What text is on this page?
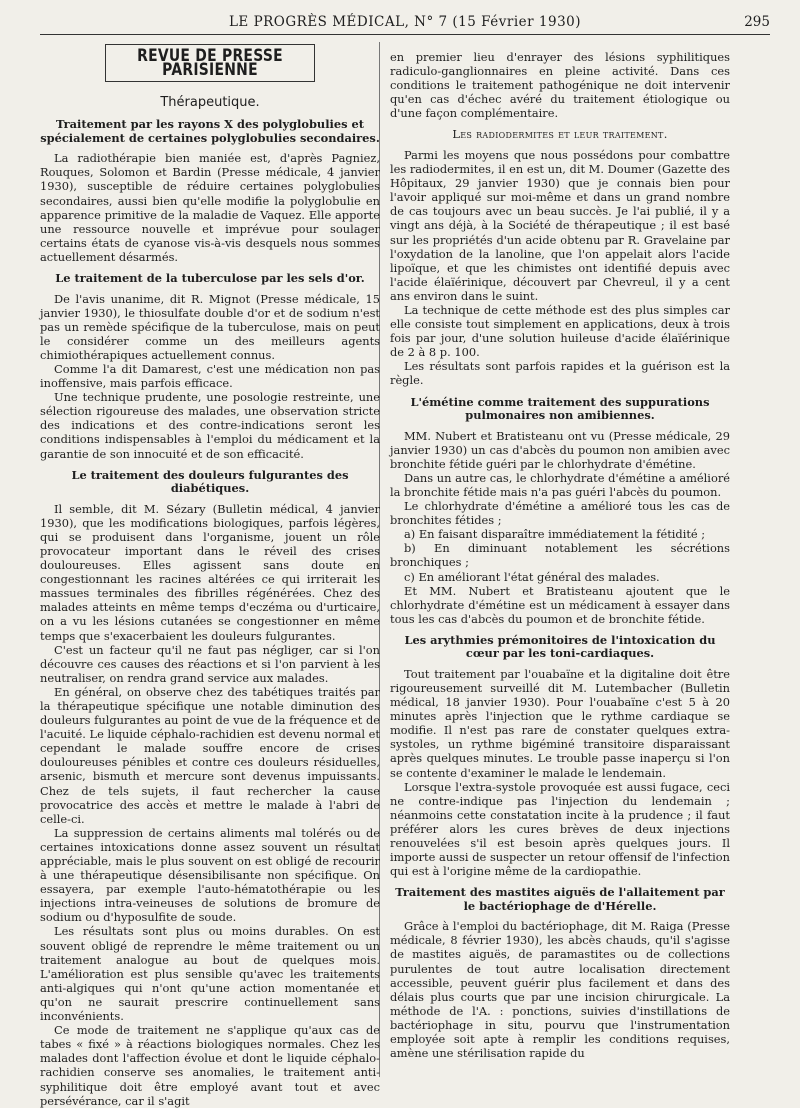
LE PROGRÈS MÉDICAL, N° 7 (15 Février 1930)	295
REVUE DE PRESSE PARISIENNE
Thérapeutique.
Traitement par les rayons X des polyglobulies et spécialement de certaines polyglobulies secondaires.

La radiothérapie bien maniée est, d'après Pagniez, Rouques, Solomon et Bardin (Presse médicale, 4 janvier 1930), susceptible de réduire certaines polyglobulies secondaires, aussi bien qu'elle modifie la polyglobulie en apparence primitive de la maladie de Vaquez. Elle apporte une ressource nouvelle et imprévue pour soulager certains états de cyanose vis-à-vis desquels nous sommes actuellement désarmés.

Le traitement de la tuberculose par les sels d'or.

De l'avis unanime, dit R. Mignot (Presse médicale, 15 janvier 1930), le thiosulfate double d'or et de sodium n'est pas un remède spécifique de la tuberculose, mais on peut le considérer comme un des meilleurs agents chimiothérapiques actuellement connus.

Comme l'a dit Damarest, c'est une médication non pas inoffensive, mais parfois efficace.

Une technique prudente, une posologie restreinte, une sélection rigoureuse des malades, une observation stricte des indications et des contre-indications seront les conditions indispensables à l'emploi du médicament et la garantie de son innocuité et de son efficacité.

Le traitement des douleurs fulgurantes des diabétiques.

Il semble, dit M. Sézary (Bulletin médical, 4 janvier 1930), que les modifications biologiques, parfois légères, qui se produisent dans l'organisme, jouent un rôle provocateur important dans le réveil des crises douloureuses. Elles agissent sans doute en congestionnant les racines altérées ce qui irriterait les massues terminales des fibrilles régénérées. Chez des malades atteints en même temps d'eczéma ou d'urticaire, on a vu les lésions cutanées se congestionner en même temps que s'exacerbaient les douleurs fulgurantes.

C'est un facteur qu'il ne faut pas négliger, car si l'on découvre ces causes des réactions et si l'on parvient à les neutraliser, on rendra grand service aux malades.

En général, on observe chez des tabétiques traités par la thérapeutique spécifique une notable diminution des douleurs fulgurantes au point de vue de la fréquence et de l'acuité. Le liquide céphalo-rachidien est devenu normal et cependant le malade souffre encore de crises douloureuses pénibles et contre ces douleurs résiduelles, arsenic, bismuth et mercure sont devenus impuissants. Chez de tels sujets, il faut rechercher la cause provocatrice des accès et mettre le malade à l'abri de celle-ci.

La suppression de certains aliments mal tolérés ou de certaines intoxications donne assez souvent un résultat appréciable, mais le plus souvent on est obligé de recourir à une thérapeutique désensibilisante non spécifique. On essayera, par exemple l'auto-hématothérapie ou les injections intra-veineuses de solutions de bromure de sodium ou d'hyposulfite de soude.

Les résultats sont plus ou moins durables. On est souvent obligé de reprendre le même traitement ou un traitement analogue au bout de quelques mois. L'amélioration est plus sensible qu'avec les traitements anti-algiques qui n'ont qu'une action momentanée et qu'on ne saurait prescrire continuellement sans inconvénients.

Ce mode de traitement ne s'applique qu'aux cas de tabes « fixé » à réactions biologiques normales. Chez les malades dont l'affection évolue et dont le liquide céphalo-rachidien conserve ses anomalies, le traitement anti-syphilitique doit être employé avant tout et avec persévérance, car il s'agit

en premier lieu d'enrayer des lésions syphilitiques radiculo-ganglionnaires en pleine activité. Dans ces conditions le traitement pathogénique ne doit intervenir qu'en cas d'échec avéré du traitement étiologique ou d'une façon complémentaire.

Les radiodermites et leur traitement.

Parmi les moyens que nous possédons pour combattre les radiodermites, il en est un, dit M. Doumer (Gazette des Hôpitaux, 29 janvier 1930) que je connais bien pour l'avoir appliqué sur moi-même et dans un grand nombre de cas toujours avec un beau succès. Je l'ai publié, il y a vingt ans déjà, à la Société de thérapeutique ; il est basé sur les propriétés d'un acide obtenu par R. Gravelaine par l'oxydation de la lanoline, que l'on appelait alors l'acide lipoïque, et que les chimistes ont identifié depuis avec l'acide élaïérinique, découvert par Chevreul, il y a cent ans environ dans le suint.

La technique de cette méthode est des plus simples car elle consiste tout simplement en applications, deux à trois fois par jour, d'une solution huileuse d'acide élaïérinique de 2 à 8 p. 100.

Les résultats sont parfois rapides et la guérison est la règle.

L'émétine comme traitement des suppurations pulmonaires non amibiennes.

MM. Nubert et Bratisteanu ont vu (Presse médicale, 29 janvier 1930) un cas d'abcès du poumon non amibien avec bronchite fétide guéri par le chlorhydrate d'émétine.

Dans un autre cas, le chlorhydrate d'émétine a amélioré la bronchite fétide mais n'a pas guéri l'abcès du poumon.

Le chlorhydrate d'émétine a amélioré tous les cas de bronchites fétides ;

a) En faisant disparaître immédiatement la fétidité ;

b) En diminuant notablement les sécrétions bronchiques ;

c) En améliorant l'état général des malades.

Et MM. Nubert et Bratisteanu ajoutent que le chlorhydrate d'émétine est un médicament à essayer dans tous les cas d'abcès du poumon et de bronchite fétide.

Les arythmies prémonitoires de l'intoxication du cœur par les toni-cardiaques.

Tout traitement par l'ouabaïne et la digitaline doit être rigoureusement surveillé dit M. Lutembacher (Bulletin médical, 18 janvier 1930). Pour l'ouabaïne c'est 5 à 20 minutes après l'injection que le rythme cardiaque se modifie. Il n'est pas rare de constater quelques extra-systoles, un rythme bigéminé transitoire disparaissant après quelques minutes. Le trouble passe inaperçu si l'on se contente d'examiner le malade le lendemain.

Lorsque l'extra-systole provoquée est aussi fugace, ceci ne contre-indique pas l'injection du lendemain ; néanmoins cette constatation incite à la prudence ; il faut préférer alors les cures brèves de deux injections renouvelées s'il est besoin après quelques jours. Il importe aussi de suspecter un retour offensif de l'infection qui est à l'origine même de la cardiopathie.

Traitement des mastites aiguës de l'allaitement par le bactériophage de d'Hérelle.

Grâce à l'emploi du bactériophage, dit M. Raiga (Presse médicale, 8 février 1930), les abcès chauds, qu'il s'agisse de mastites aiguës, de paramastites ou de collections purulentes de tout autre localisation directement accessible, peuvent guérir plus facilement et dans des délais plus courts que par une incision chirurgicale. La méthode de l'A. : ponctions, suivies d'instillations de bactériophage in situ, pourvu que l'instrumentation employée soit apte à remplir les conditions requises, amène une stérilisation rapide du
